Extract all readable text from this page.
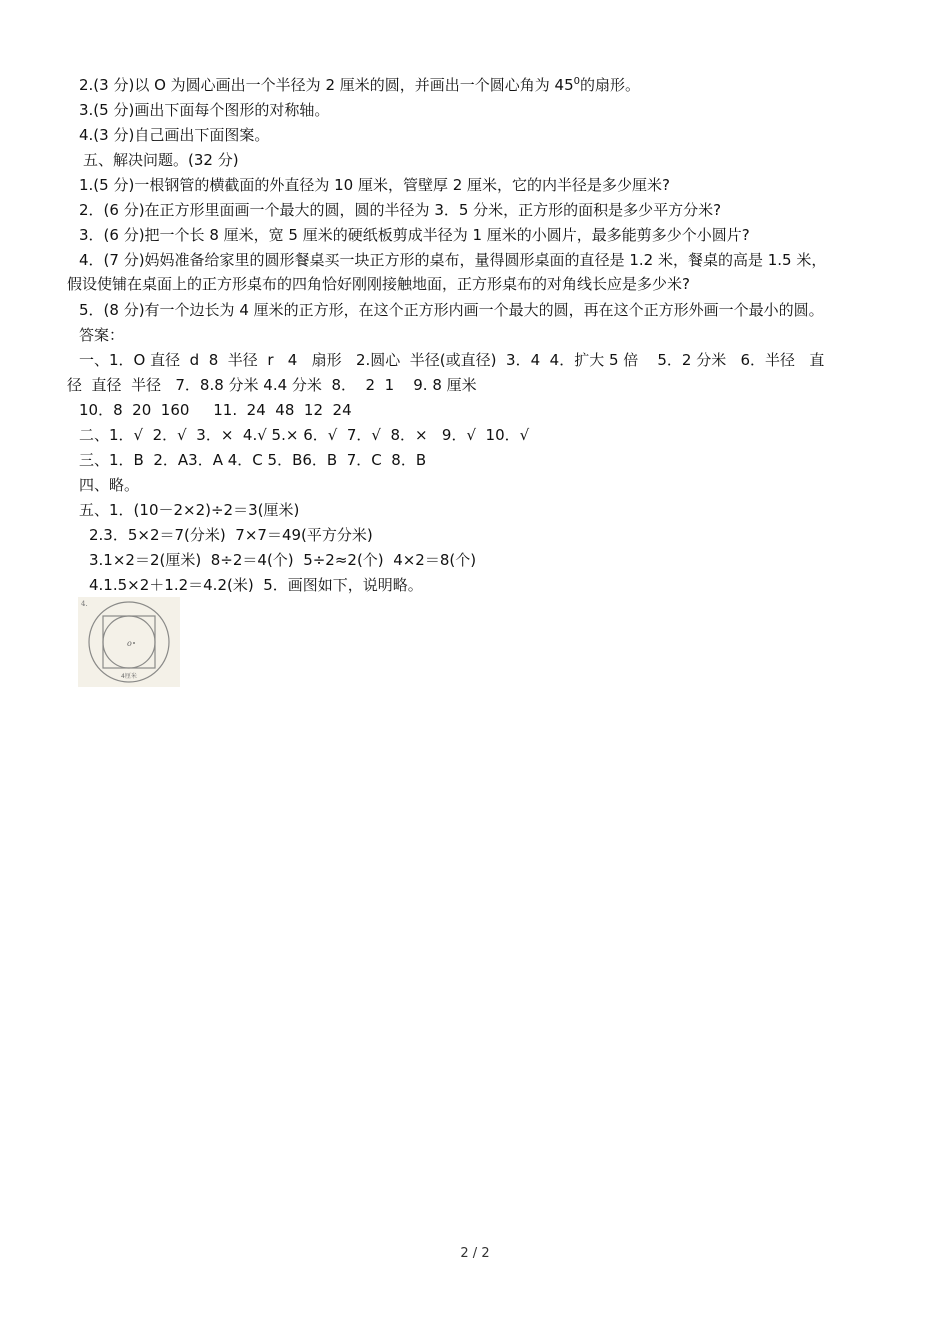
2.(3 分)以 O 为圆心画出一个半径为 2 厘米的圆，并画出一个圆心角为 $45^0$的扇形。
3.(5 分)画出下面每个图形的对称轴。
4.(3 分)自己画出下面图案。
五、解决问题。(32 分)
1.(5 分)一根钢管的横截面的外直径为 10 厘米，管壁厚 2 厘米，它的内半径是多少厘米?
2．(6 分)在正方形里面画一个最大的圆，圆的半径为 3．5 分米，正方形的面积是多少平方分米?
3．(6 分)把一个长 8 厘米，宽 5 厘米的硬纸板剪成半径为 1 厘米的小圆片，最多能剪多少个小圆片?
4．(7 分)妈妈准备给家里的圆形餐桌买一块正方形的桌布，量得圆形桌面的直径是 1.2 米，餐桌的高是 1.5 米，
假设使铺在桌面上的正方形桌布的四角恰好刚刚接触地面，正方形桌布的对角线长应是多少米?
5．(8 分)有一个边长为 4 厘米的正方形，在这个正方形内画一个最大的圆，再在这个正方形外画一个最小的圆。
答案：
一、1．O 直径  d  8  半径  r   4   扇形   2.圆心  半径(或直径)  3．4  4．扩大 5 倍    5．2 分米   6．半径   直
径  直径  半径   7．8.8 分米 4.4 分米  8．  2  1    9. 8 厘米
10．8  20  160     11.  24  48  12  24
二、1．√  2．√  3．×  4.√ 5.× 6．√  7．√  8．×   9．√  10．√
三、1．B  2．A3．A 4．C 5．B6．B  7．C  8．B
四、略。
五、1．(10－2×2)÷2＝3(厘米)
2.3．5×2＝7(分米)  7×7＝49(平方分米)
3.1×2＝2(厘米)  8÷2＝4(个)  5÷2≈2(个)  4×2＝8(个)
4.1.5×2＋1.2＝4.2(米)  5．画图如下，说明略。
4.
o
4厘米
2 / 2
